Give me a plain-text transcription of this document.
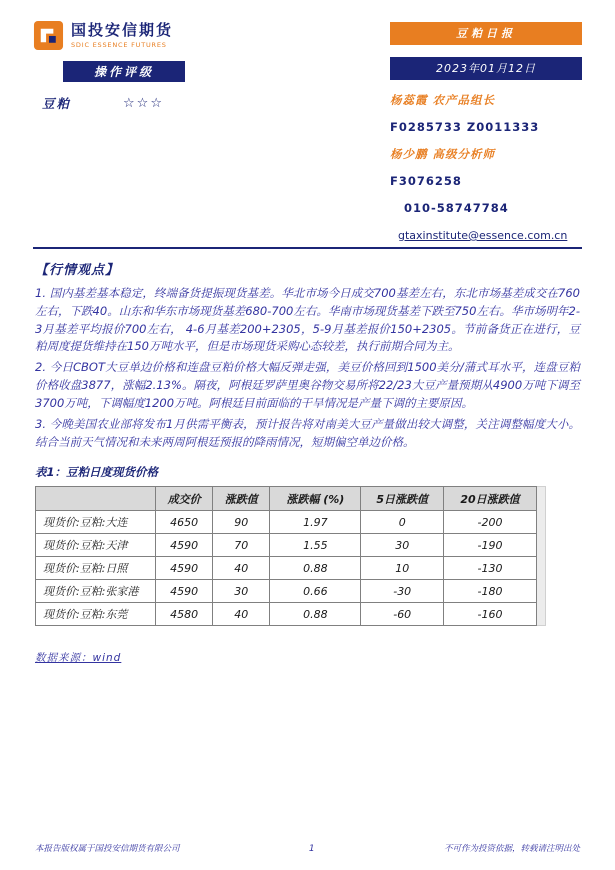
国投安信期货
SDIC ESSENCE FUTURES
操作评级
豆粕	☆☆☆
豆粕日报
2023年01月12日
杨蕊霞 农产品组长
F0285733 Z0011333
杨少鹏 高级分析师
F3076258
010-58747784
gtaxinstitute@essence.com.cn
【行情观点】

1. 国内基差基本稳定，终端备货提振现货基差。华北市场今日成交700基差左右，东北市场基差成交在760左右，下跌40。山东和华东市场现货基差680-700左右。华南市场现货基差下跌至750左右。华市场明年2-3月基差平均报价700左右， 4-6月基差200+2305，5-9月基差报价150+2305。节前备货正在进行，豆粕周度提货维持在150万吨水平，但是市场现货采购心态较差，执行前期合同为主。

2. 今日CBOT大豆单边价格和连盘豆粕价格大幅反弹走强，美豆价格回到1500美分/蒲式耳水平，连盘豆粕价格收盘3877，涨幅2.13%。隔夜，阿根廷罗萨里奥谷物交易所将22/23大豆产量预期从4900万吨下调至3700万吨，下调幅度1200万吨。阿根廷目前面临的干旱情况是产量下调的主要原因。

3. 今晚美国农业部将发布1月供需平衡表，预计报告将对南美大豆产量做出较大调整，关注调整幅度大小。结合当前天气情况和未来两周阿根廷预报的降雨情况，短期偏空单边价格。

表1：豆粕日度现货价格
	成交价	涨跌值	涨跌幅 (%)	5日涨跌值	20日涨跌值
现货价:豆粕:大连	4650	90	1.97	0	-200
现货价:豆粕:天津	4590	70	1.55	30	-190
现货价:豆粕:日照	4590	40	0.88	10	-130
现货价:豆粕:张家港	4590	30	0.66	-30	-180
现货价:豆粕:东莞	4580	40	0.88	-60	-160
数据来源：wind
本报告版权属于国投安信期货有限公司	1	不可作为投资依据，转载请注明出处
